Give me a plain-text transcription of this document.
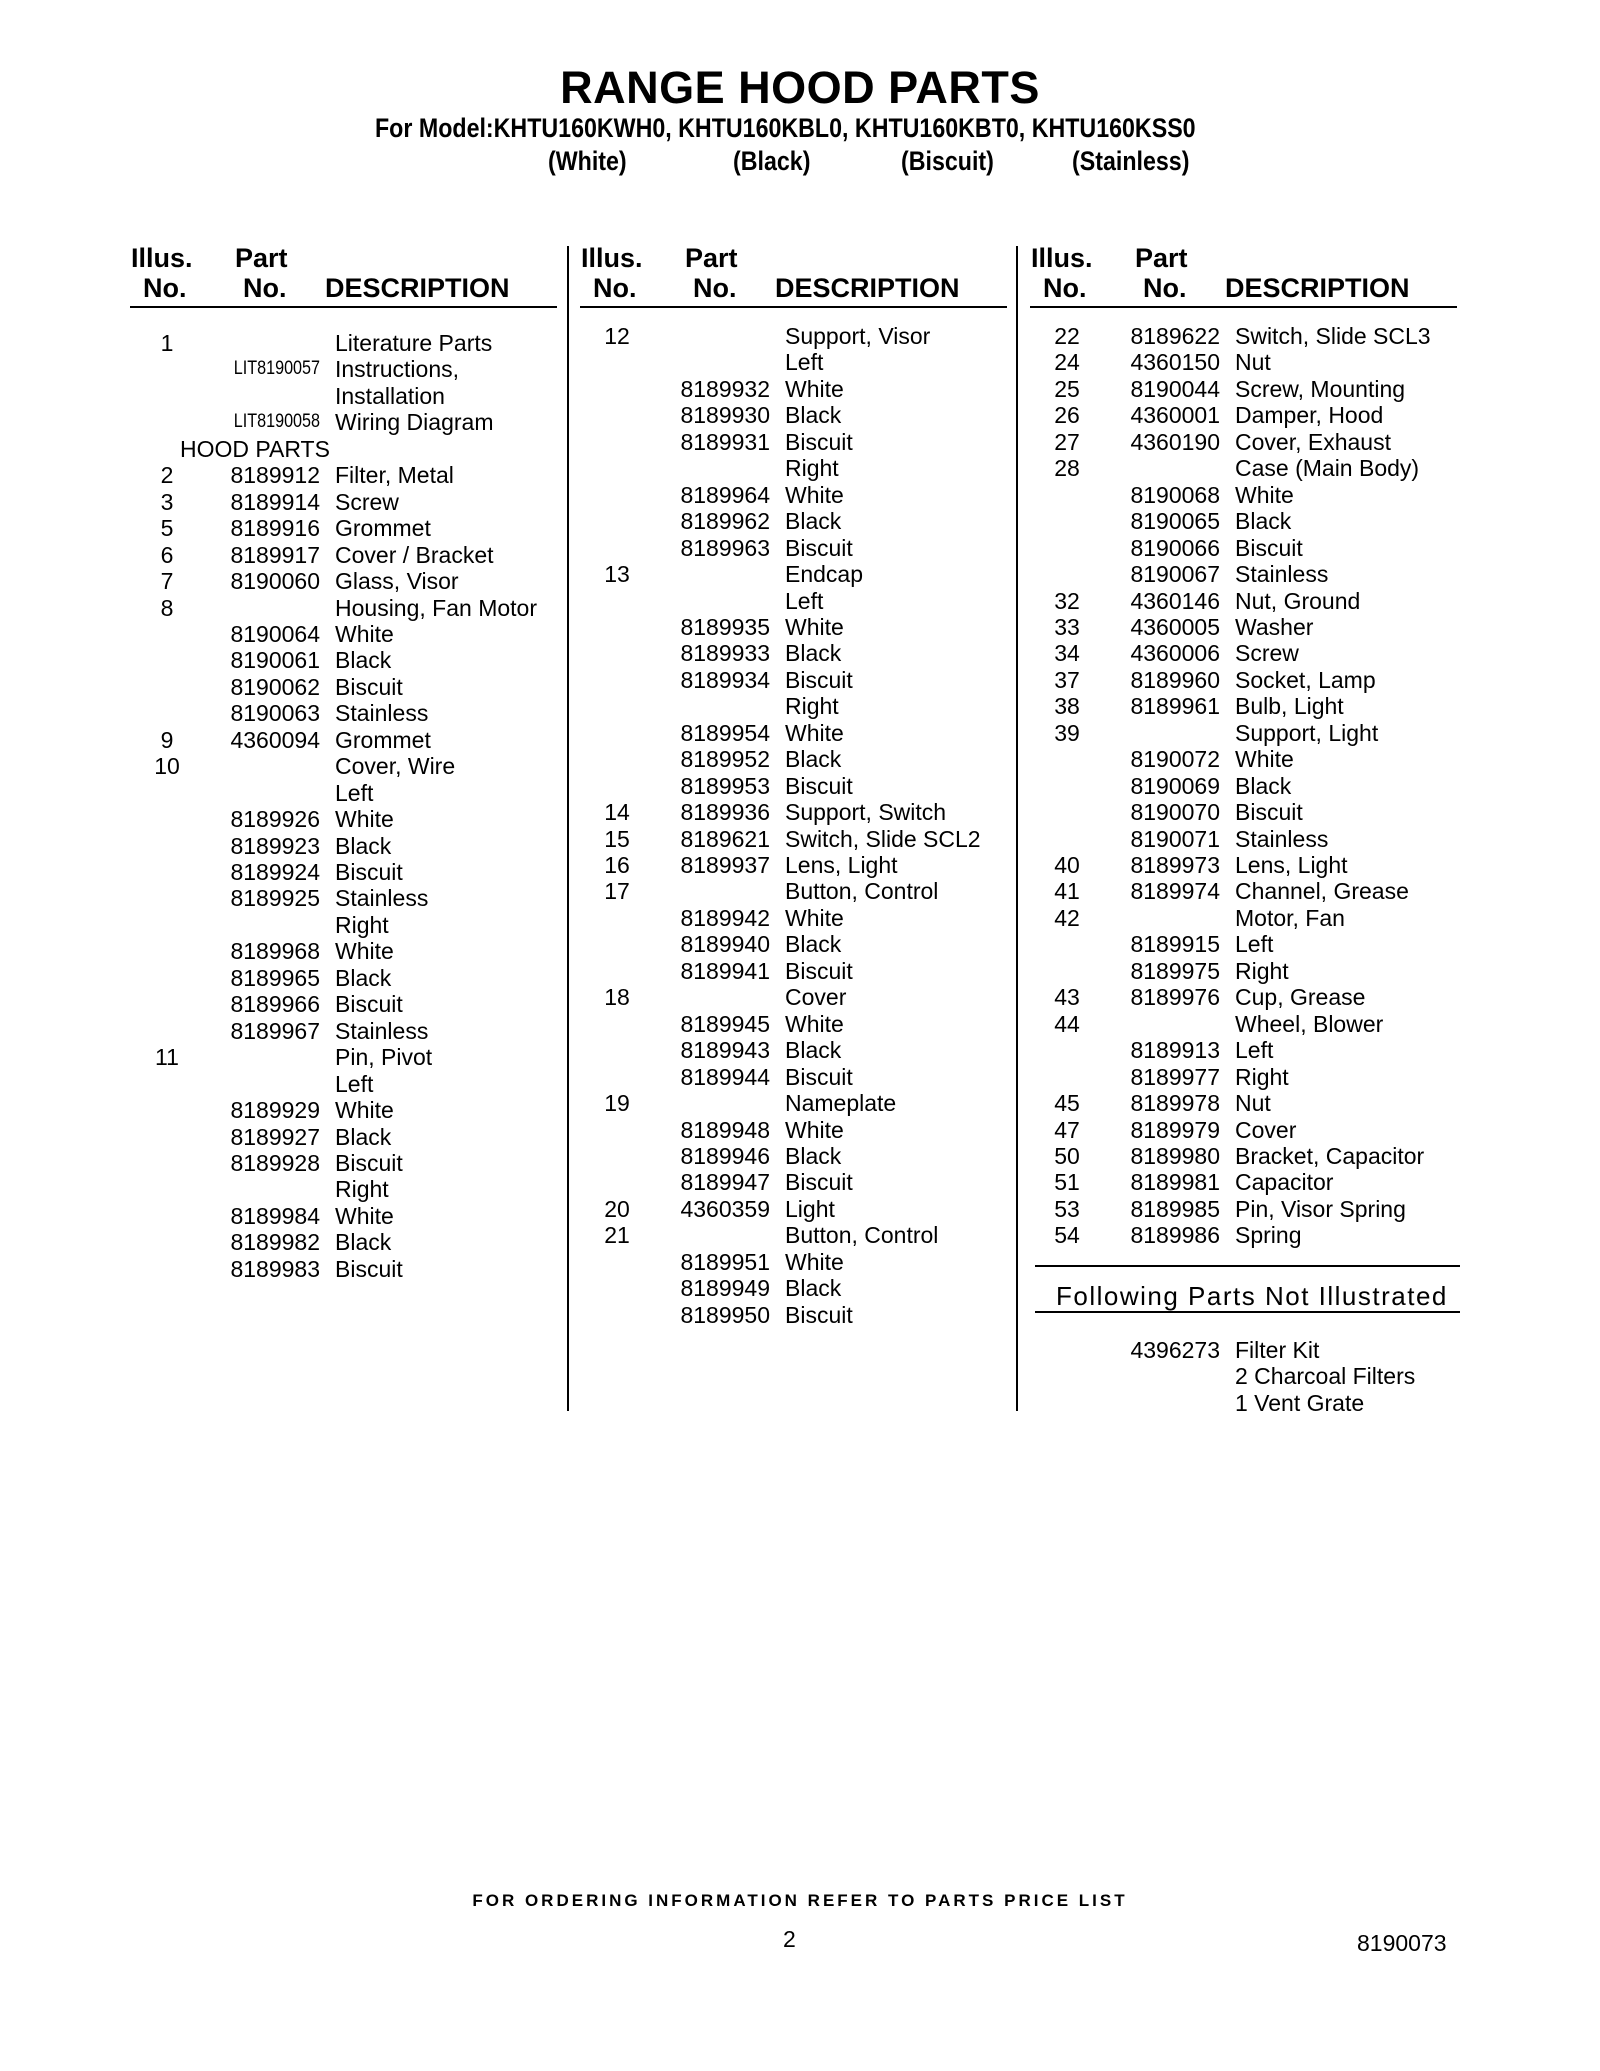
RANGE HOOD PARTS
For Model:KHTU160KWH0, KHTU160KBL0, KHTU160KBT0, KHTU160KSS0
(White)	(Black)	(Biscuit)	(Stainless)
Illus.
No.
Part
No. DESCRIPTION
Illus.
No.
Part
No. DESCRIPTION
Illus.
No.
Part
No. DESCRIPTION
1	Literature Parts
LIT8190057 Instructions,
Installation
LIT8190058 Wiring Diagram
HOOD PARTS
2	8189912 Filter, Metal
3	8189914 Screw
5	8189916 Grommet
6	8189917 Cover / Bracket
7	8190060 Glass, Visor
8	Housing, Fan Motor
8190064 White
8190061 Black
8190062 Biscuit
8190063 Stainless
9	4360094 Grommet
10	Cover, Wire
Left
8189926 White
8189923 Black
8189924 Biscuit
8189925 Stainless
Right
8189968 White
8189965 Black
8189966 Biscuit
8189967 Stainless
11	Pin, Pivot
Left
8189929 White
8189927 Black
8189928 Biscuit
Right
8189984 White
8189982 Black
8189983 Biscuit
12	Support, Visor
Left
8189932 White
8189930 Black
8189931 Biscuit
Right
8189964 White
8189962 Black
8189963 Biscuit
13	Endcap
Left
8189935 White
8189933 Black
8189934 Biscuit
Right
8189954 White
8189952 Black
8189953 Biscuit
14	8189936 Support, Switch
15	8189621 Switch, Slide SCL2
16	8189937 Lens, Light
17	Button, Control
8189942 White
8189940 Black
8189941 Biscuit
18	Cover
8189945 White
8189943 Black
8189944 Biscuit
19	Nameplate
8189948 White
8189946 Black
8189947 Biscuit
20	4360359 Light
21	Button, Control
8189951 White
8189949 Black
8189950 Biscuit
22	8189622 Switch, Slide SCL3
24	4360150 Nut
25	8190044 Screw, Mounting
26	4360001 Damper, Hood
27	4360190 Cover, Exhaust
28	Case (Main Body)
8190068 White
8190065 Black
8190066 Biscuit
8190067 Stainless
32	4360146 Nut, Ground
33	4360005 Washer
34	4360006 Screw
37	8189960 Socket, Lamp
38	8189961 Bulb, Light
39	Support, Light
8190072 White
8190069 Black
8190070 Biscuit
8190071 Stainless
40	8189973 Lens, Light
41	8189974 Channel, Grease
42	Motor, Fan
8189915 Left
8189975 Right
43	8189976 Cup, Grease
44	Wheel, Blower
8189913 Left
8189977 Right
45	8189978 Nut
47	8189979 Cover
50	8189980 Bracket, Capacitor
51	8189981 Capacitor
53	8189985 Pin, Visor Spring
54	8189986 Spring
Following Parts Not Illustrated
4396273 Filter Kit
2 Charcoal Filters
1 Vent Grate
FOR ORDERING INFORMATION REFER TO PARTS PRICE LIST
2	8190073
